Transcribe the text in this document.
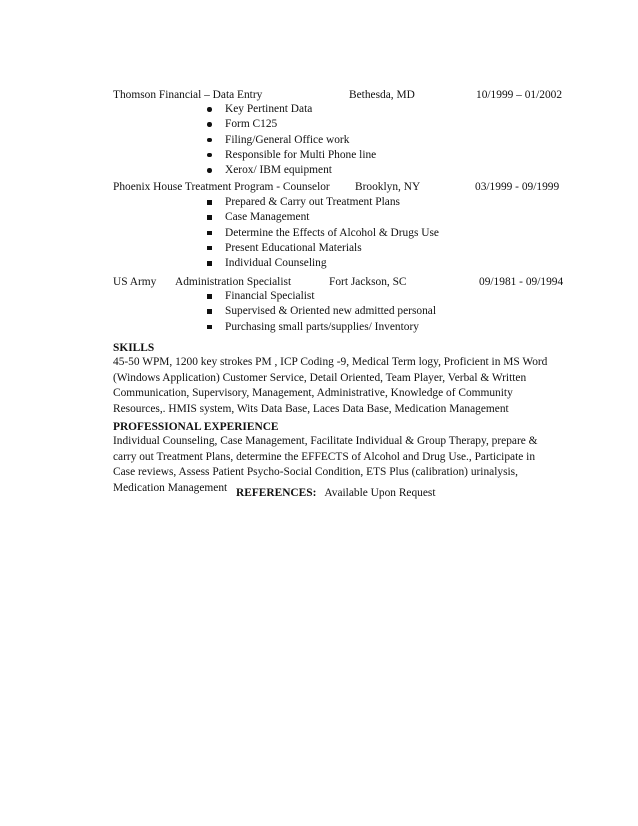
Thomson Financial – Data Entry	Bethesda, MD	10/1999 – 01/2002
Key Pertinent Data
Form C125
Filing/General Office work
Responsible for Multi Phone line
Xerox/ IBM equipment
Phoenix House Treatment Program - Counselor Brooklyn, NY	03/1999 - 09/1999
Prepared & Carry out Treatment Plans
Case Management
Determine the Effects of Alcohol & Drugs Use
Present Educational Materials
Individual Counseling
US Army Administration Specialist	Fort Jackson, SC	09/1981 - 09/1994
Financial Specialist
Supervised & Oriented new admitted personal
Purchasing small parts/supplies/ Inventory
SKILLS
45-50 WPM, 1200 key strokes PM , ICP Coding -9, Medical Term logy, Proficient in MS Word
(Windows Application) Customer Service, Detail Oriented, Team Player, Verbal & Written
Communication, Supervisory, Management, Administrative, Knowledge of Community
Resources,. HMIS system, Wits Data Base, Laces Data Base, Medication Management
PROFESSIONAL EXPERIENCE
Individual Counseling, Case Management, Facilitate Individual & Group Therapy, prepare &
carry out Treatment Plans, determine the EFFECTS of Alcohol and Drug Use., Participate in
Case reviews, Assess Patient Psycho-Social Condition, ETS Plus (calibration) urinalysis,
Medication Management REFERENCES: Available Upon Request
